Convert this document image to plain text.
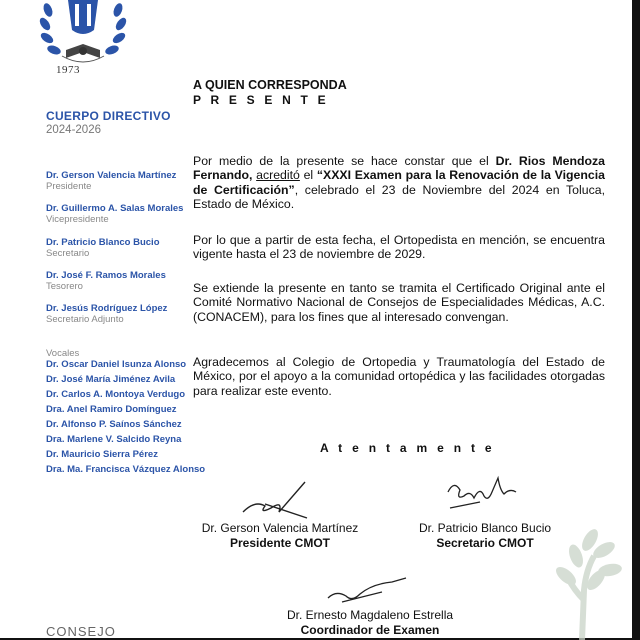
1973
CUERPO DIRECTIVO
2024-2026
Dr. Gerson Valencia Martínez
Presidente
Dr. Guillermo A. Salas Morales
Vicepresidente
Dr. Patricio Blanco Bucio
Secretario
Dr. José F. Ramos Morales
Tesorero
Dr. Jesús Rodríguez López
Secretario Adjunto
Vocales
Dr. Oscar Daniel Isunza Alonso
Dr. José María Jiménez Avila
Dr. Carlos A. Montoya Verdugo
Dra. Anel Ramiro Domínguez
Dr. Alfonso P. Saínos Sánchez
Dra. Marlene V. Salcido Reyna
Dr. Mauricio Sierra Pérez
Dra. Ma. Francisca Vázquez Alonso
CONSEJO
A QUIEN CORRESPONDA
P R E S E N T E
Por medio de la presente se hace constar que el Dr. Rios Mendoza Fernando, acreditó el “XXXI Examen para la Renovación de la Vigencia de Certificación”, celebrado el 23 de Noviembre del 2024 en Toluca, Estado de México.
Por lo que a partir de esta fecha, el Ortopedista en mención, se encuentra vigente hasta el 23 de noviembre de 2029.
Se extiende la presente en tanto se tramita el Certificado Original ante el Comité Normativo Nacional de Consejos de Especialidades Médicas, A.C. (CONACEM), para los fines que al interesado convengan.
Agradecemos al Colegio de Ortopedia y Traumatología del Estado de México, por el apoyo a la comunidad ortopédica y las facilidades otorgadas para realizar este evento.
A t e n t a m e n t e
Dr. Gerson Valencia Martínez
Presidente CMOT
Dr. Patricio Blanco Bucio
Secretario CMOT
Dr. Ernesto Magdaleno Estrella
Coordinador de Examen
